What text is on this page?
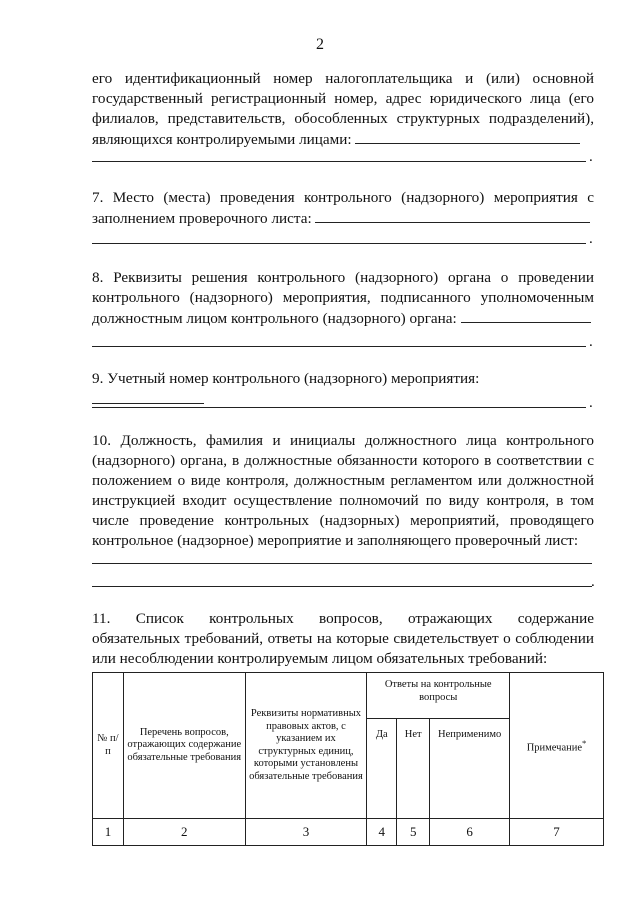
2
его идентификационный номер налогоплательщика и (или) основной
государственный регистрационный номер, адрес юридического лица (его
филиалов, представительств, обособленных структурных подразделений),
являющихся контролируемыми лицами:
.
7. Место (места) проведения контрольного (надзорного) мероприятия с
заполнением проверочного листа:
.
8. Реквизиты решения контрольного (надзорного) органа о проведении
контрольного (надзорного) мероприятия, подписанного уполномоченным
должностным лицом контрольного (надзорного) органа:
.
9. Учетный номер контрольного (надзорного) мероприятия:
.
10. Должность, фамилия и инициалы должностного лица контрольного
(надзорного) органа, в должностные обязанности которого в соответствии с
положением о виде контроля, должностным регламентом или должностной
инструкцией входит осуществление полномочий по виду контроля, в том
числе проведение контрольных (надзорных) мероприятий, проводящего
контрольное (надзорное) мероприятие и заполняющего проверочный лист:
.
11. Список контрольных вопросов, отражающих содержание
обязательных требований, ответы на которые свидетельствует о соблюдении
или несоблюдении контролируемым лицом обязательных требований:
№ п/п	Перечень вопросов, отражающих содержание обязательные требования	Реквизиты нормативных правовых актов, с указанием их структурных единиц, которыми установлены обязательные требования	Ответы на контрольные вопросы			Примечание*
			Да	Нет	Неприменимо	
1	2	3	4	5	6	7
